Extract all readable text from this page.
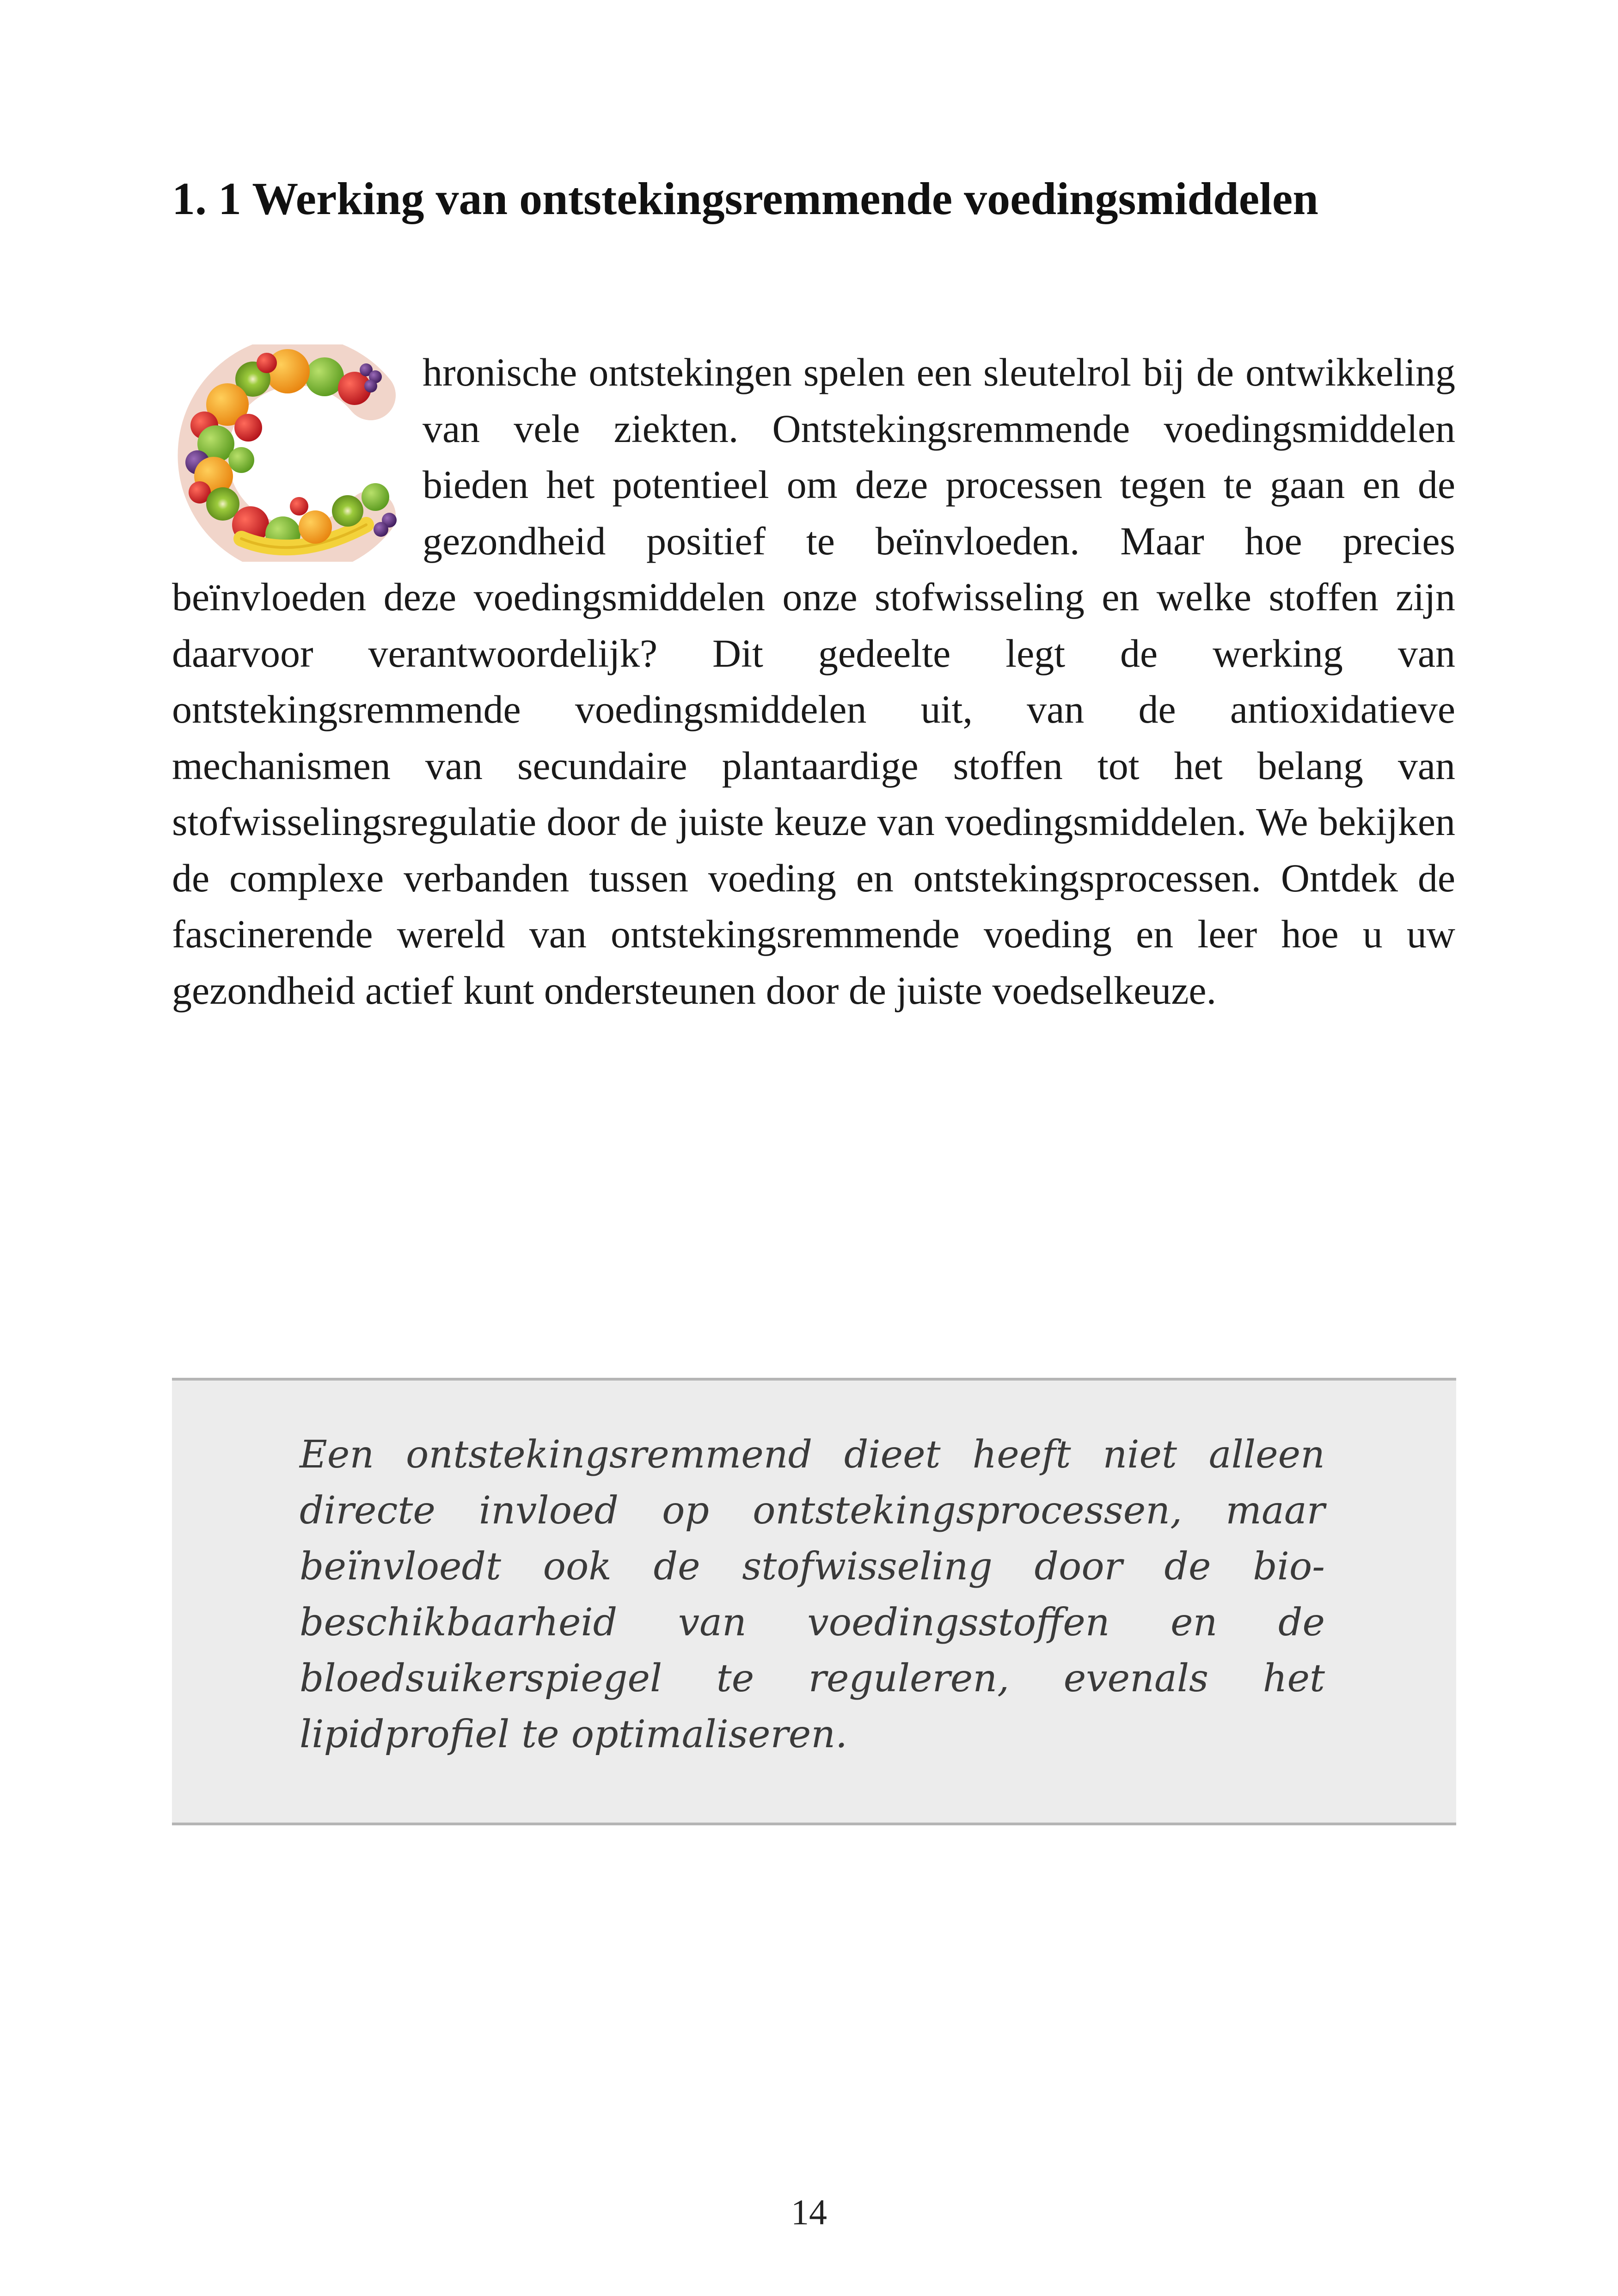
1. 1 Werking van ontstekingsremmende voedingsmiddelen

hronische ontstekingen spelen een sleutelrol bij de ontwikkeling van vele ziekten. Ontstekingsremmende voedingsmiddelen bieden het potentieel om deze processen tegen te gaan en de gezondheid positief te beïnvloeden. Maar hoe precies beïnvloeden deze voedingsmiddelen onze stofwisseling en welke stoffen zijn daarvoor verantwoordelijk? Dit gedeelte legt de werking van ontstekingsremmende voedingsmiddelen uit, van de antioxidatieve mechanismen van secundaire plantaardige stoffen tot het belang van stofwisselingsregulatie door de juiste keuze van voedingsmiddelen. We bekijken de complexe verbanden tussen voeding en ontstekingsprocessen. Ontdek de fascinerende wereld van ontstekingsremmende voeding en leer hoe u uw gezondheid actief kunt ondersteunen door de juiste voedselkeuze.

Een ontstekingsremmend dieet heeft niet alleen directe invloed op ontstekingsprocessen, maar beïnvloedt ook de stofwisseling door de biobeschikbaarheid van voedingsstoffen en de bloedsuikerspiegel te reguleren, evenals het lipidprofiel te optimaliseren.

14
